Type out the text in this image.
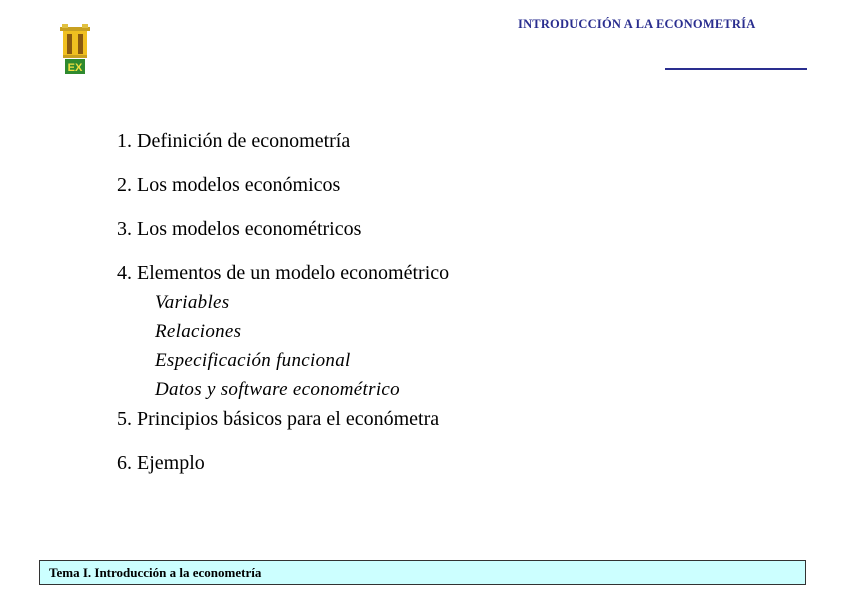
EX
INTRODUCCIÓN A LA ECONOMETRÍA
1. Definición de econometría
2. Los modelos económicos
3. Los modelos econométricos
4. Elementos de un modelo econométrico
Variables
Relaciones
Especificación funcional
Datos y software econométrico
5. Principios básicos para el económetra
6. Ejemplo
Tema I. Introducción a la econometría
